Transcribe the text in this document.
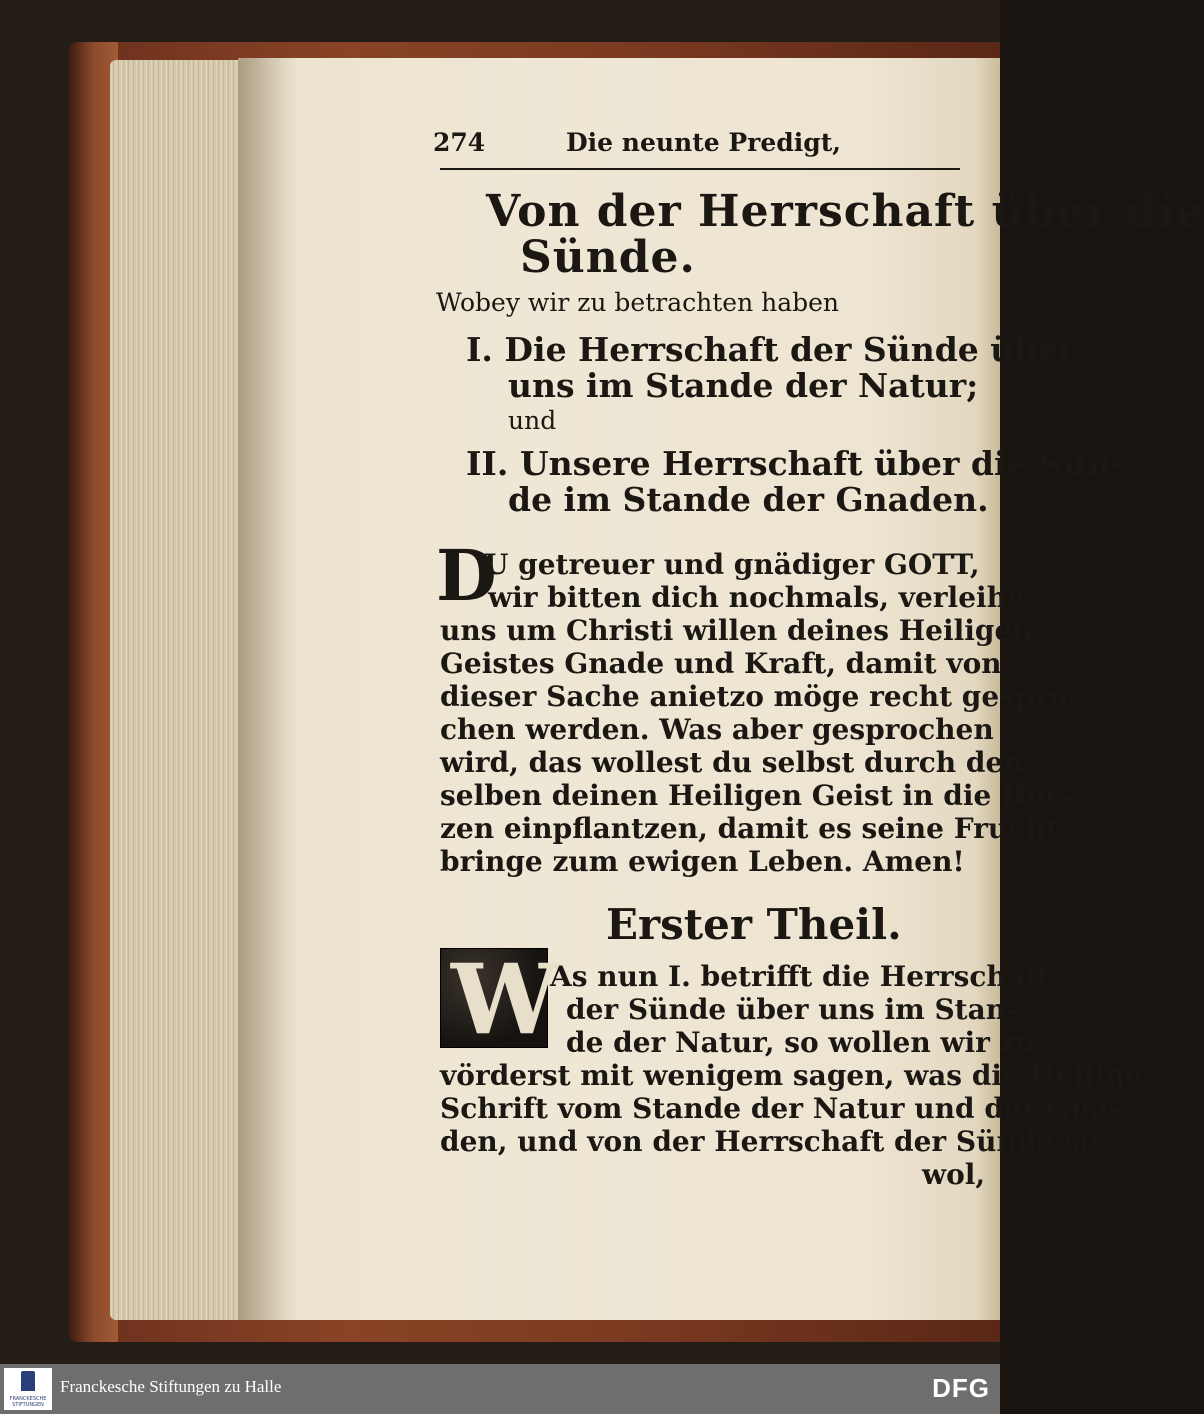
274	Die neunte Predigt,
Von der Herrschaft über die
Sünde.
Wobey wir zu betrachten haben
I. Die Herrschaft der Sünde über
uns im Stande der Natur;
und
II. Unsere Herrschaft über die Sün-
de im Stande der Gnaden.
D
U getreuer und gnädiger GOTT,
wir bitten dich nochmals, verleihe
uns um Christi willen deines Heiligen
Geistes Gnade und Kraft, damit von
dieser Sache anietzo möge recht gespro-
chen werden. Was aber gesprochen
wird, das wollest du selbst durch den-
selben deinen Heiligen Geist in die Her-
zen einpflantzen, damit es seine Frucht
bringe zum ewigen Leben. Amen!
Erster Theil.
W
As nun I. betrifft die Herrschaft
der Sünde über uns im Stan-
de der Natur, so wollen wir zu-
vörderst mit wenigem sagen, was die Heilige
Schrift vom Stande der Natur und der Gna-
den, und von der Herrschaft der Sünde so
wol,
FRANCKESCHE STIFTUNGEN
Franckesche Stiftungen zu Halle	DFG
